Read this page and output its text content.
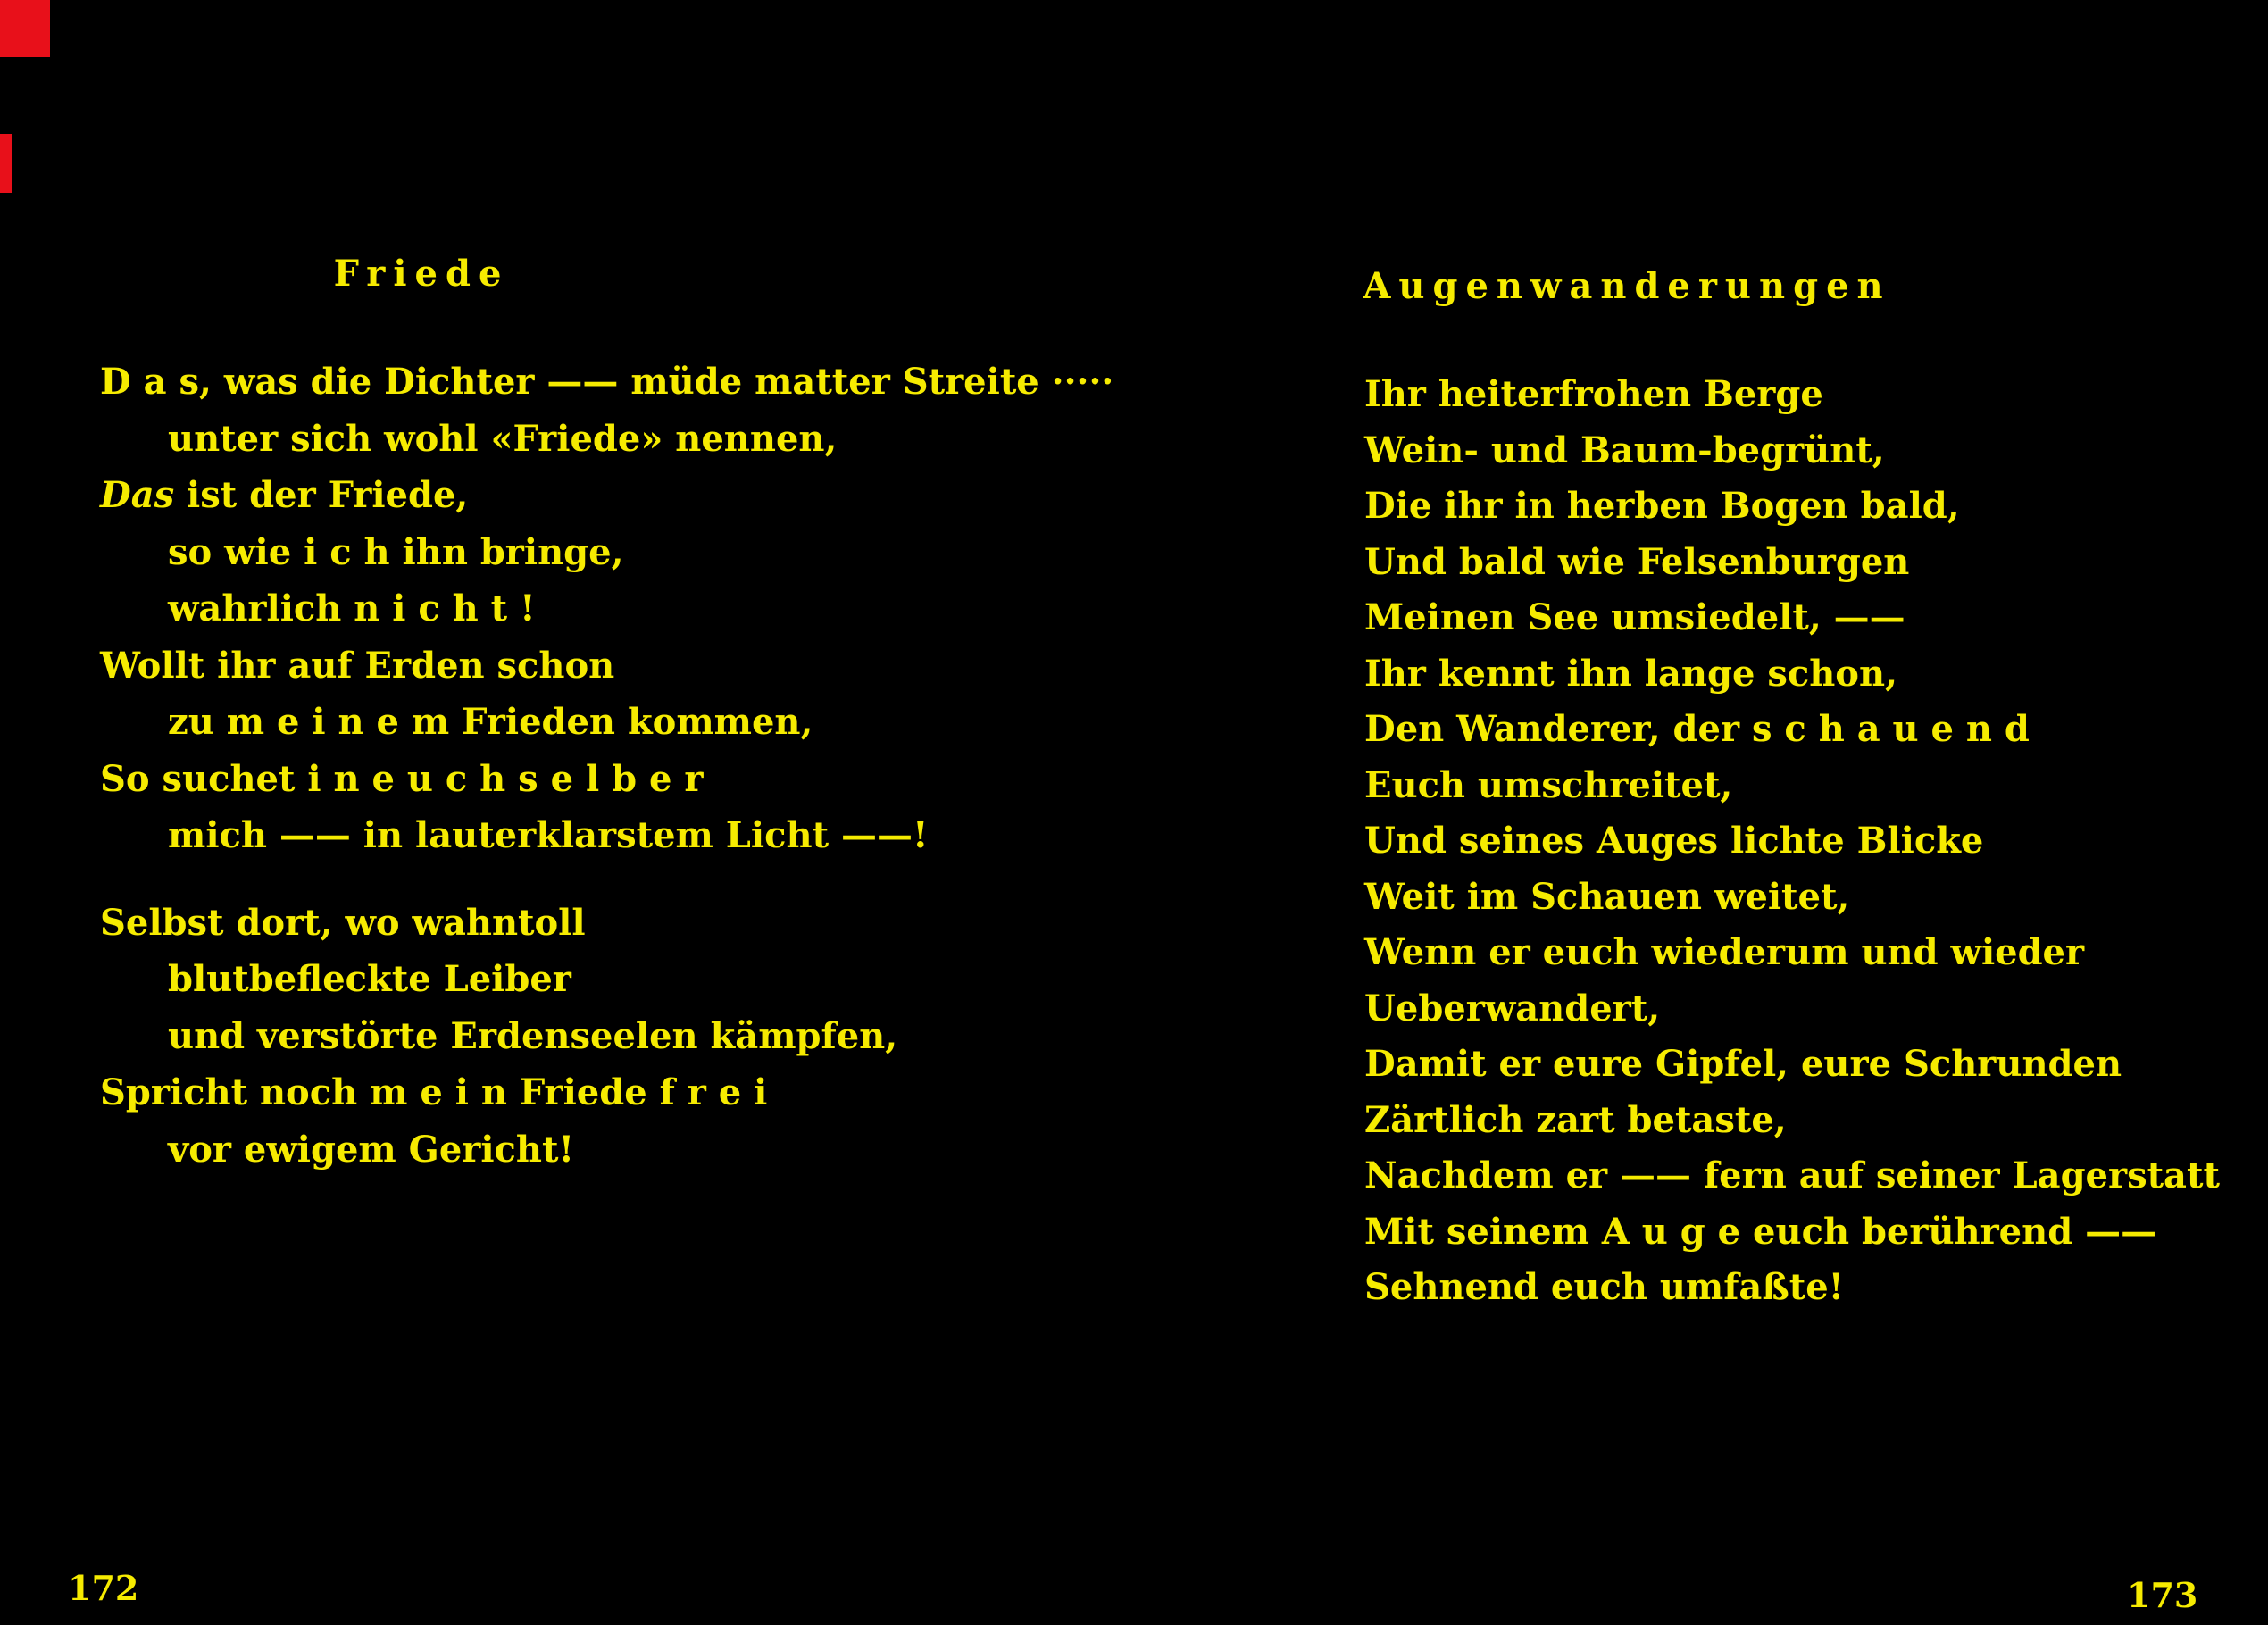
Friede
D a s, was die Dichter —— müde matter Streite ·····
unter sich wohl «Friede» nennen,
Das ist der Friede,
so wie i c h ihn bringe,
wahrlich n i c h t !
Wollt ihr auf Erden schon
zu m e i n e m Frieden kommen,
So suchet i n e u c h s e l b e r
mich —— in lauterklarstem Licht ——!
Selbst dort, wo wahntoll
blutbefleckte Leiber
und verstörte Erdenseelen kämpfen,
Spricht noch m e i n Friede f r e i
vor ewigem Gericht!
172
Augenwanderungen
Ihr heiterfrohen Berge
Wein- und Baum-begrünt,
Die ihr in herben Bogen bald,
Und bald wie Felsenburgen
Meinen See umsiedelt, ——
Ihr kennt ihn lange schon,
Den Wanderer, der s c h a u e n d
Euch umschreitet,
Und seines Auges lichte Blicke
Weit im Schauen weitet,
Wenn er euch wiederum und wieder
Ueberwandert,
Damit er eure Gipfel, eure Schrunden
Zärtlich zart betaste,
Nachdem er —— fern auf seiner Lagerstatt
Mit seinem A u g e euch berührend ——
Sehnend euch umfaßte!
173
